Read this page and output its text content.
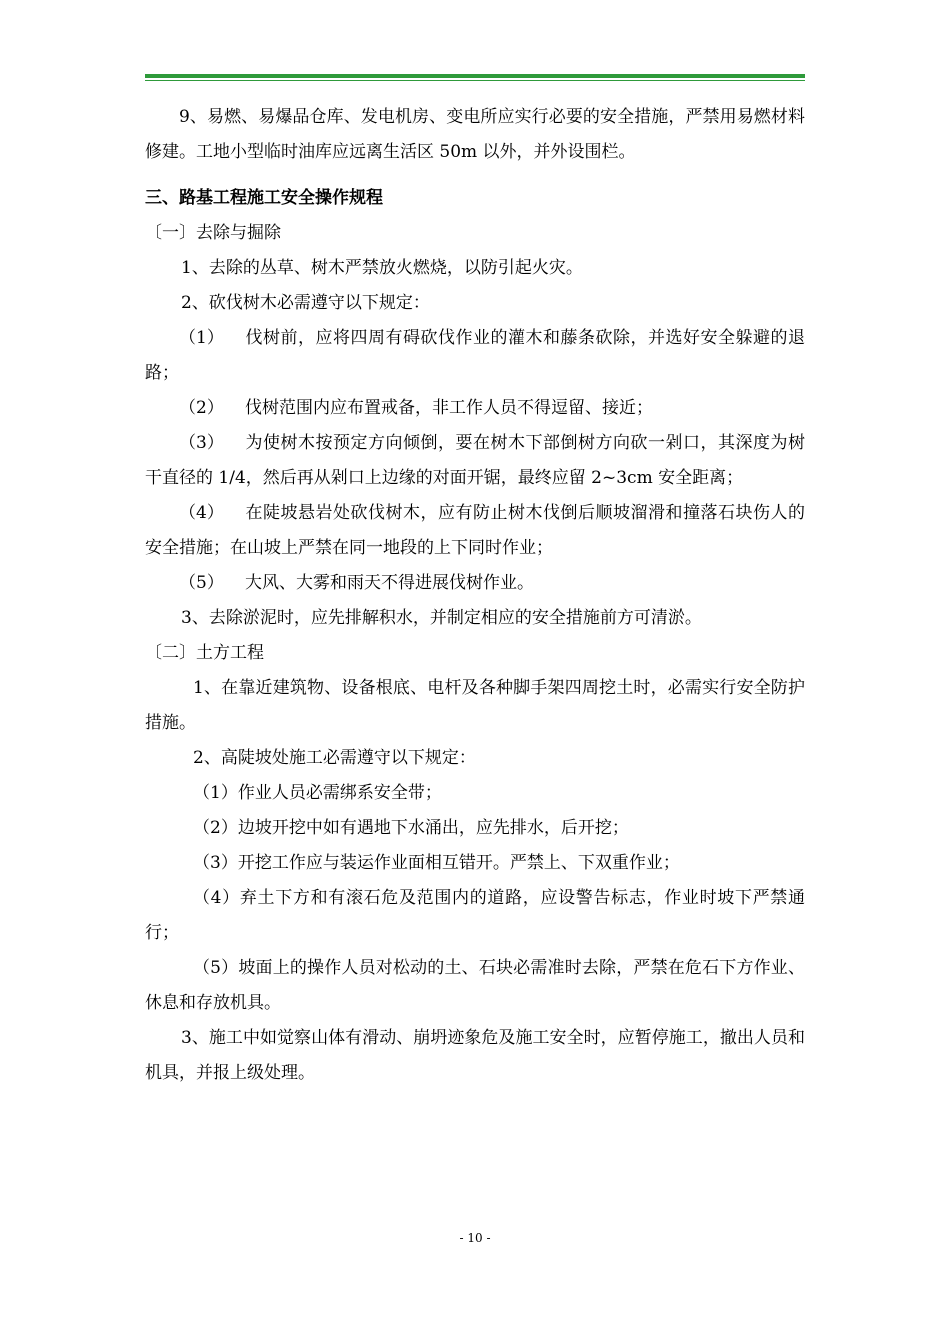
9、易燃、易爆品仓库、发电机房、变电所应实行必要的安全措施，严禁用易燃材料修建。工地小型临时油库应远离生活区 50m 以外，并外设围栏。

三、路基工程施工安全操作规程

〔一〕去除与掘除

1、去除的丛草、树木严禁放火燃烧，以防引起火灾。

2、砍伐树木必需遵守以下规定：

（1） 伐树前，应将四周有碍砍伐作业的灌木和藤条砍除，并选好安全躲避的退路；

（2） 伐树范围内应布置戒备，非工作人员不得逗留、接近；

（3） 为使树木按预定方向倾倒，要在树木下部倒树方向砍一剁口，其深度为树干直径的 1/4，然后再从剁口上边缘的对面开锯，最终应留 2~3cm 安全距离；

（4） 在陡坡悬岩处砍伐树木，应有防止树木伐倒后顺坡溜滑和撞落石块伤人的安全措施；在山坡上严禁在同一地段的上下同时作业；

（5） 大风、大雾和雨天不得进展伐树作业。

3、去除淤泥时，应先排解积水，并制定相应的安全措施前方可清淤。

〔二〕土方工程

1、在靠近建筑物、设备根底、电杆及各种脚手架四周挖土时，必需实行安全防护措施。

2、高陡坡处施工必需遵守以下规定：

（1）作业人员必需绑系安全带；

（2）边坡开挖中如有遇地下水涌出，应先排水，后开挖；

（3）开挖工作应与装运作业面相互错开。严禁上、下双重作业；

（4）弃土下方和有滚石危及范围内的道路，应设警告标志，作业时坡下严禁通行；

（5）坡面上的操作人员对松动的土、石块必需准时去除，严禁在危石下方作业、休息和存放机具。

3、施工中如觉察山体有滑动、崩坍迹象危及施工安全时，应暂停施工，撤出人员和机具，并报上级处理。

- 10 -
